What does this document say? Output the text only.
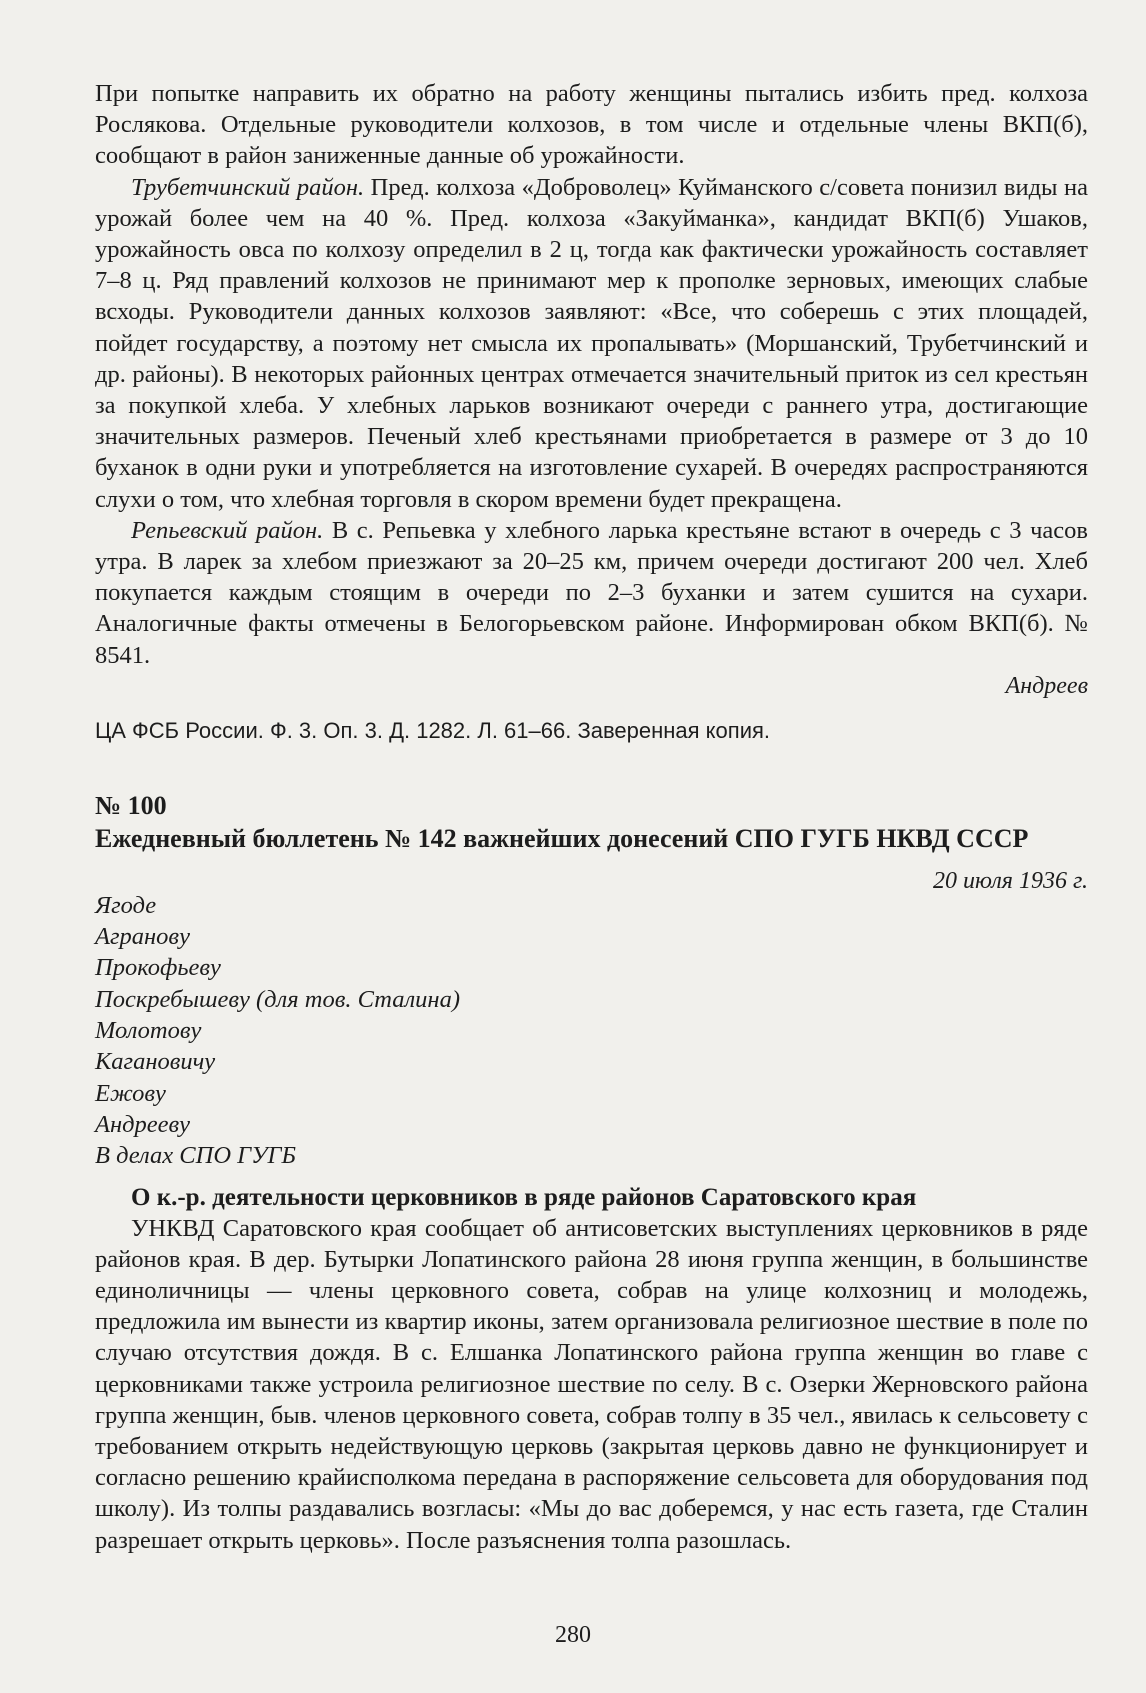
При попытке направить их обратно на работу женщины пытались избить пред. колхоза Рослякова. Отдельные руководители колхозов, в том числе и отдельные члены ВКП(б), сообщают в район заниженные данные об урожайности.

Трубетчинский район. Пред. колхоза «Доброволец» Куйманского с/совета понизил виды на урожай более чем на 40 %. Пред. колхоза «Закуйманка», кандидат ВКП(б) Ушаков, урожайность овса по колхозу определил в 2 ц, тогда как фактически урожайность составляет 7–8 ц. Ряд правлений колхозов не принимают мер к прополке зерновых, имеющих слабые всходы. Руководители данных колхозов заявляют: «Все, что соберешь с этих площадей, пойдет государству, а поэтому нет смысла их пропалывать» (Моршанский, Трубетчинский и др. районы). В некоторых районных центрах отмечается значительный приток из сел крестьян за покупкой хлеба. У хлебных ларьков возникают очереди с раннего утра, достигающие значительных размеров. Печеный хлеб крестьянами приобретается в размере от 3 до 10 буханок в одни руки и употребляется на изготовление сухарей. В очередях распространяются слухи о том, что хлебная торговля в скором времени будет прекращена.

Репьевский район. В с. Репьевка у хлебного ларька крестьяне встают в очередь с 3 часов утра. В ларек за хлебом приезжают за 20–25 км, причем очереди достигают 200 чел. Хлеб покупается каждым стоящим в очереди по 2–3 буханки и затем сушится на сухари. Аналогичные факты отмечены в Белогорьевском районе. Информирован обком ВКП(б). № 8541.

Андреев

ЦА ФСБ России. Ф. 3. Оп. 3. Д. 1282. Л. 61–66. Заверенная копия.

№ 100

Ежедневный бюллетень № 142 важнейших донесений СПО ГУГБ НКВД СССР

20 июля 1936 г.

Ягоде
Агранову
Прокофьеву
Поскребышеву (для тов. Сталина)
Молотову
Кагановичу
Ежову
Андрееву
В делах СПО ГУГБ

О к.-р. деятельности церковников в ряде районов Саратовского края

УНКВД Саратовского края сообщает об антисоветских выступлениях церковников в ряде районов края. В дер. Бутырки Лопатинского района 28 июня группа женщин, в большинстве единоличницы — члены церковного совета, собрав на улице колхозниц и молодежь, предложила им вынести из квартир иконы, затем организовала религиозное шествие в поле по случаю отсутствия дождя. В с. Елшанка Лопатинского района группа женщин во главе с церковниками также устроила религиозное шествие по селу. В с. Озерки Жерновского района группа женщин, быв. членов церковного совета, собрав толпу в 35 чел., явилась к сельсовету с требованием открыть недействующую церковь (закрытая церковь давно не функционирует и согласно решению крайисполкома передана в распоряжение сельсовета для оборудования под школу). Из толпы раздавались возгласы: «Мы до вас доберемся, у нас есть газета, где Сталин разрешает открыть церковь». После разъяснения толпа разошлась.

280
